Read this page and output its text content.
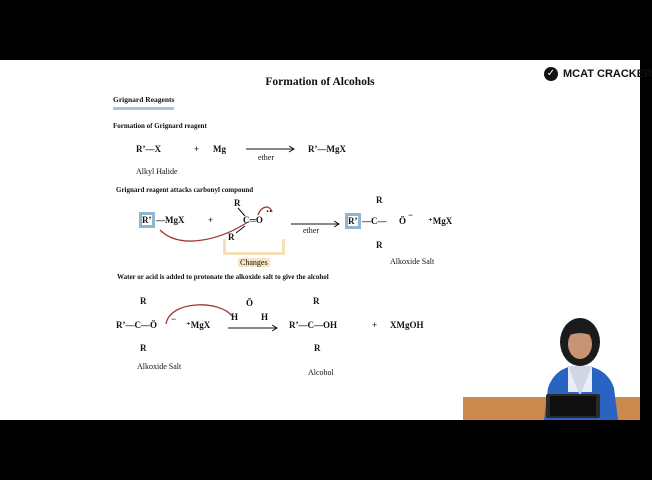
Formation of Alcohols
✓ MCAT CRACKER
Grignard Reagents
Formation of Grignard reagent
R’—X	+ Mg
ether
R’—MgX
Alkyl Halide
Grignard reagent attacks carbonyl compound
R’ —MgX	+
R
C═O
‥
R
Changes
ether
R’ —C— Ö
−
R
R
⁺MgX
Alkoxide Salt
Water or acid is added to protonate the alkoxide salt to give the alcohol
R
R’—C—Ö
−
R
⁺MgX
Alkoxide Salt
Ö
H	H
R
R’—C—OH
R
Alcohol
+ XMgOH
